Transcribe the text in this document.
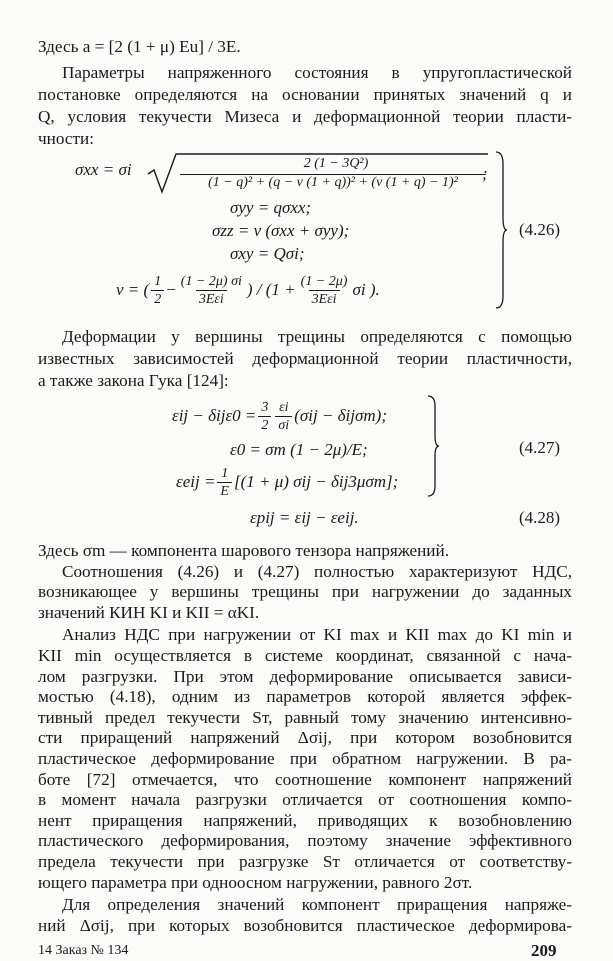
Здесь a = [2 (1 + μ) Eu] / 3E.

Параметры напряженного состояния в упругопластической

постановке определяются на основании принятых значений q и

Q, условия текучести Мизеса и деформационной теории пласти-

чности:

σxx = σi	2 (1 − 3Q²)
(1 − q)² + (q − ν (1 + q))² + (ν (1 + q) − 1)²	;
σyy = qσxx;
σzz = ν (σxx + σyy);
σxy = Qσi;
ν = ( $\frac{1}{2} - \frac{(1 - 2\mu) \sigma i}{\text{3Eεi}}$ ) / ($1 + \frac{(1 - 2\mu)}{\text{3Eεi}}$ σi ).
(4.26)

Деформации у вершины трещины определяются с помощью

известных зависимостей деформационной теории пластичности,

а также закона Гука [124]:

$\varepsilon ij - \delta ij\varepsilon 0 = \frac{3}{2} \frac{\varepsilon i}{\sigma i} (\sigma ij - \delta ij\sigma m)$;
ε0 = σm (1 − 2μ)/E;
$\varepsilon eij = \frac{1}{E} [(1 + \mu) \sigma ij - \delta ij3\mu\sigma m]$;
(4.27)
εpij = εij − εeij.	(4.28)

Здесь σm — компонента шарового тензора напряжений.

Соотношения (4.26) и (4.27) полностью характеризуют НДС,

возникающее у вершины трещины при нагружении до заданных

значений КИН KI и KII = αKI.

Анализ НДС при нагружении от KI max и KII max до KI min и

KII min осуществляется в системе координат, связанной с нача-

лом разгрузки. При этом деформирование описывается зависи-

мостью (4.18), одним из параметров которой является эффек-

тивный предел текучести Sт, равный тому значению интенсивно-

сти приращений напряжений Δσij, при котором возобновится

пластическое деформирование при обратном нагружении. В ра-

боте [72] отмечается, что соотношение компонент напряжений

в момент начала разгрузки отличается от соотношения компо-

нент приращения напряжений, приводящих к возобновлению

пластического деформирования, поэтому значение эффективного

предела текучести при разгрузке Sт отличается от соответству-

ющего параметра при одноосном нагружении, равного 2σт.

Для определения значений компонент приращения напряже-

ний Δσij, при которых возобновится пластическое деформирова-

14 Заказ № 134	209
